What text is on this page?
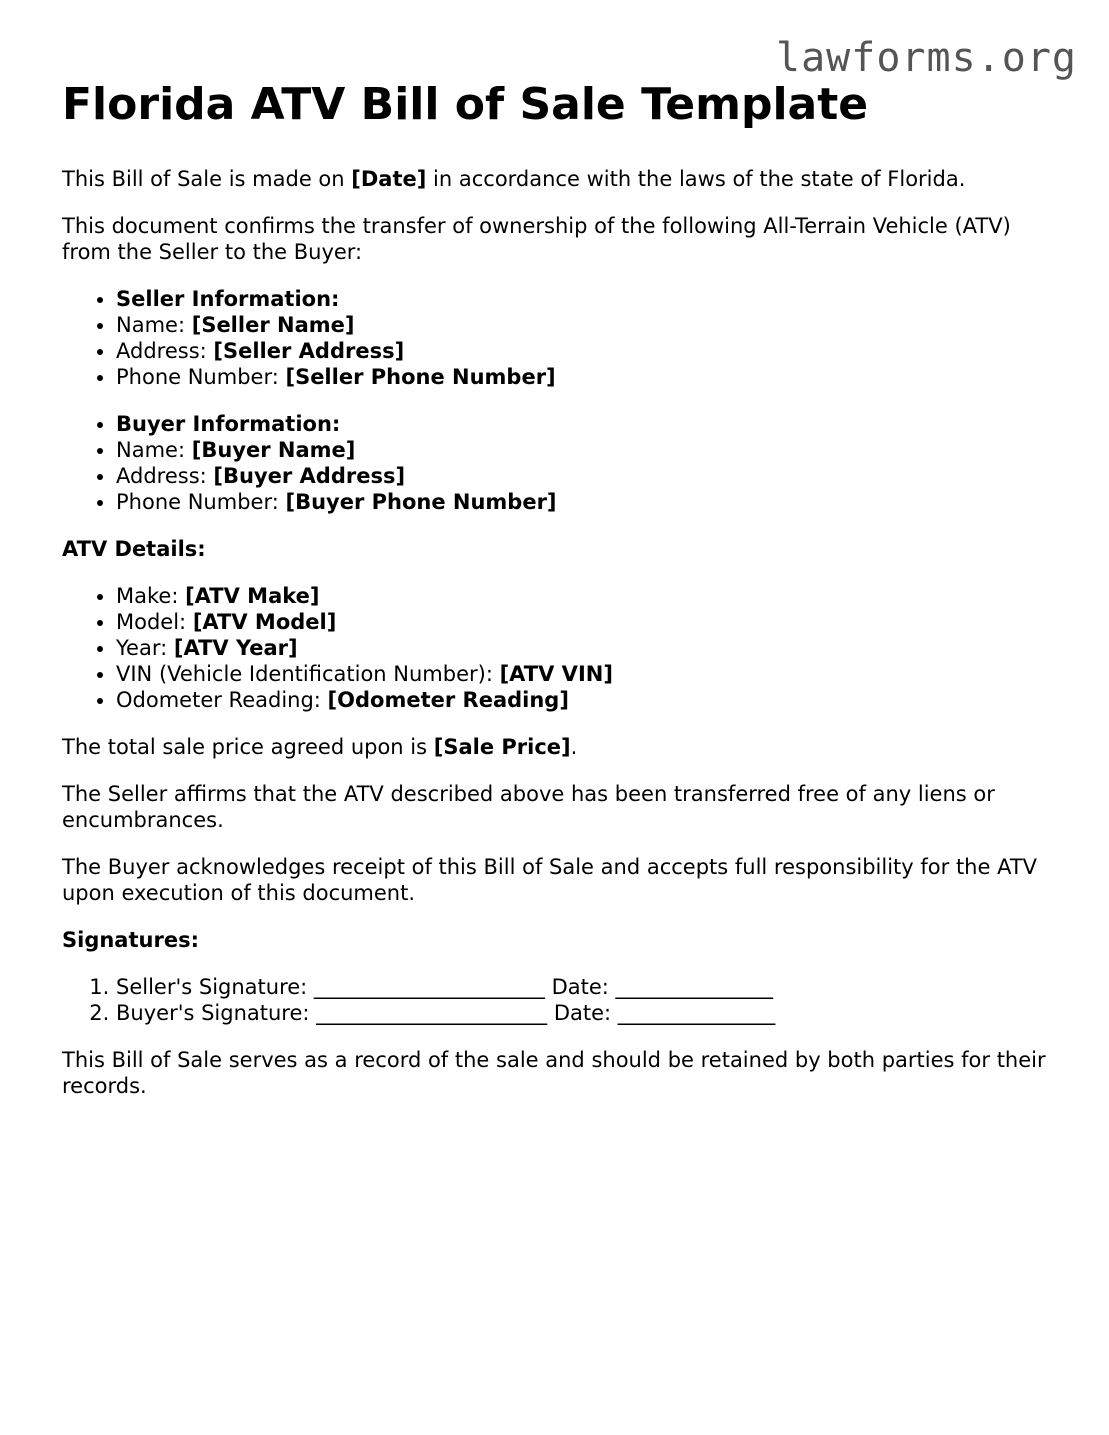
lawforms.org
Florida ATV Bill of Sale Template

This Bill of Sale is made on [Date] in accordance with the laws of the state of Florida.

This document confirms the transfer of ownership of the following All-Terrain Vehicle (ATV) from the Seller to the Buyer:

• Seller Information:
• Name: [Seller Name]
• Address: [Seller Address]
• Phone Number: [Seller Phone Number]
• Buyer Information:
• Name: [Buyer Name]
• Address: [Buyer Address]
• Phone Number: [Buyer Phone Number]

ATV Details:

• Make: [ATV Make]
• Model: [ATV Model]
• Year: [ATV Year]
• VIN (Vehicle Identification Number): [ATV VIN]
• Odometer Reading: [Odometer Reading]

The total sale price agreed upon is [Sale Price].

The Seller affirms that the ATV described above has been transferred free of any liens or encumbrances.

The Buyer acknowledges receipt of this Bill of Sale and accepts full responsibility for the ATV upon execution of this document.

Signatures:

1. Seller's Signature: ______________________ Date: _______________
2. Buyer's Signature: ______________________ Date: _______________

This Bill of Sale serves as a record of the sale and should be retained by both parties for their records.
